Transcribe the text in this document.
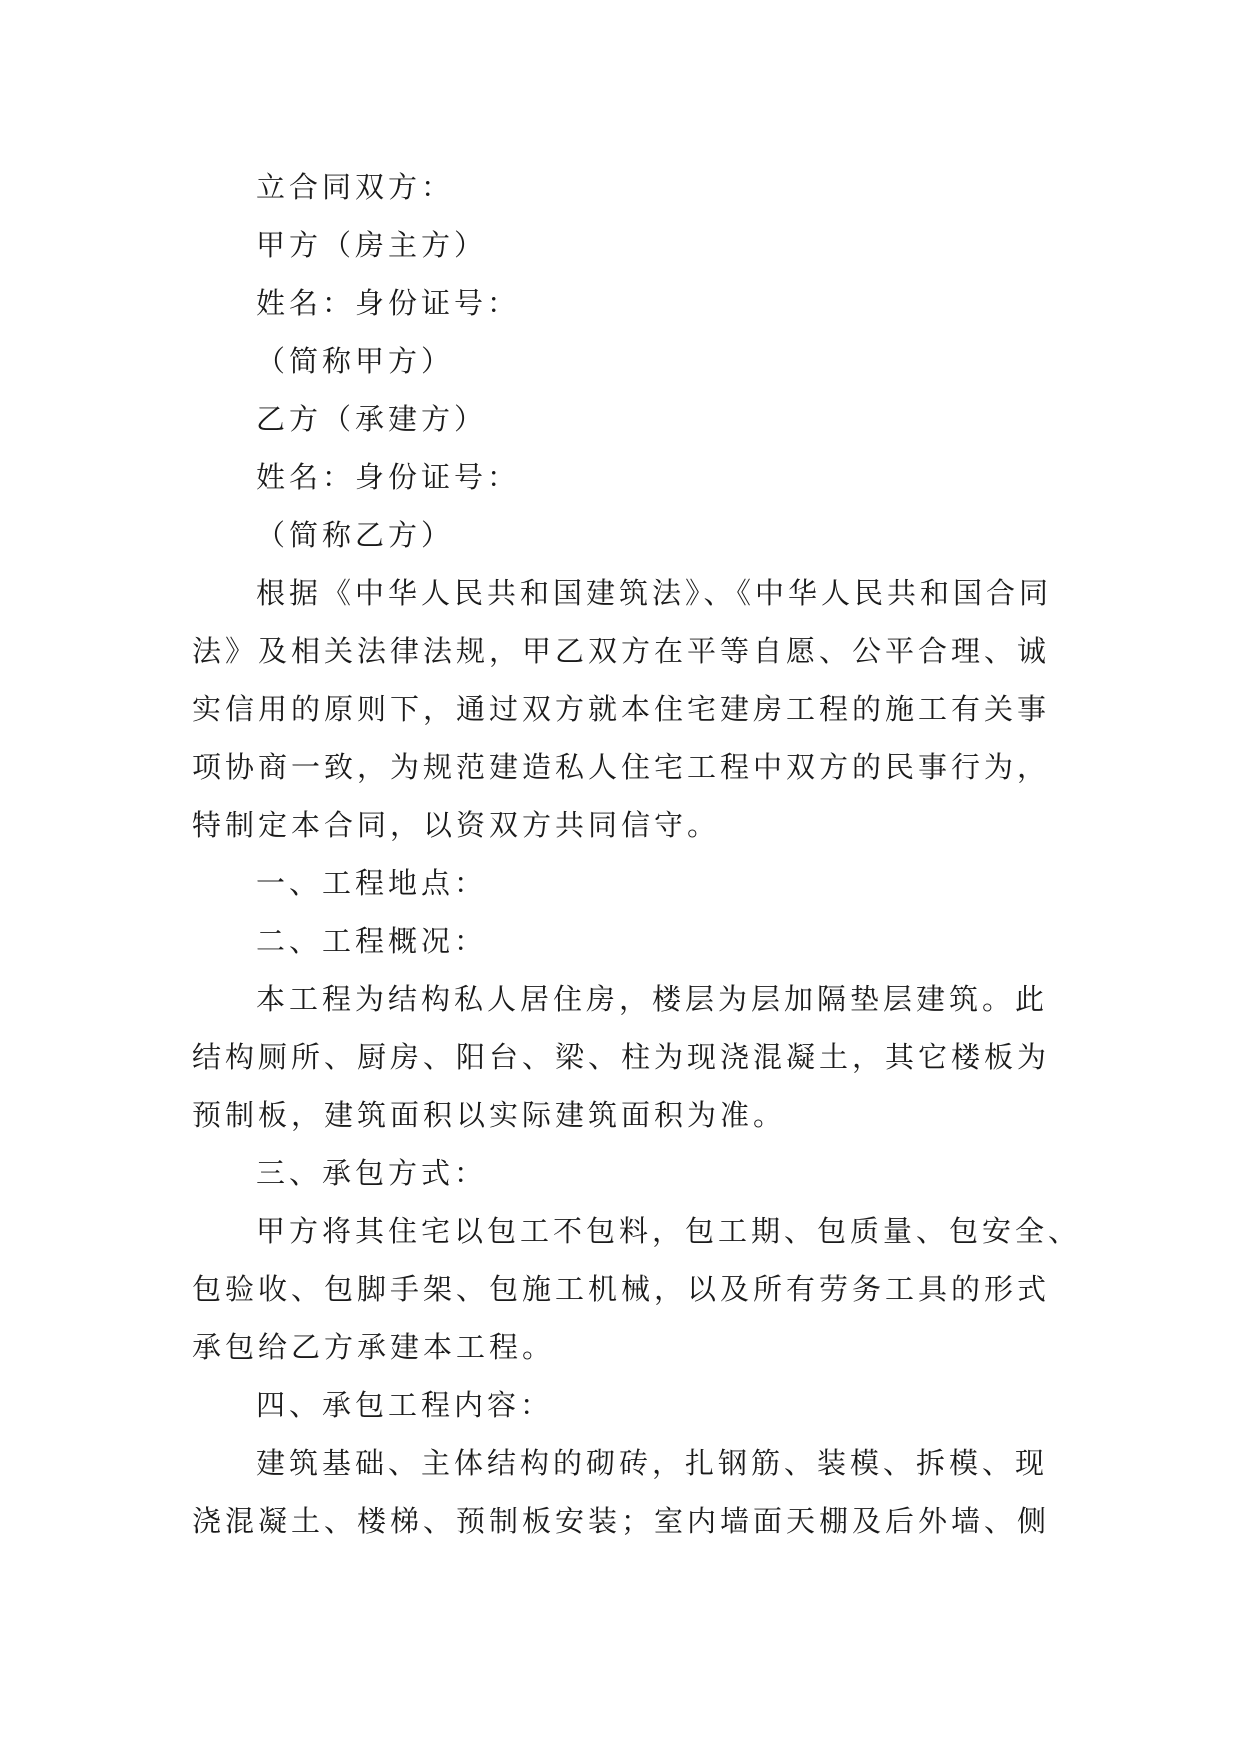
立合同双方：

甲方（房主方）

姓名：身份证号：

（简称甲方）

乙方（承建方）

姓名：身份证号：

（简称乙方）

根据《中华人民共和国建筑法》、《中华人民共和国合同
法》及相关法律法规，甲乙双方在平等自愿、公平合理、诚
实信用的原则下，通过双方就本住宅建房工程的施工有关事
项协商一致，为规范建造私人住宅工程中双方的民事行为，
特制定本合同，以资双方共同信守。

一、工程地点：

二、工程概况：

本工程为结构私人居住房，楼层为层加隔垫层建筑。此
结构厕所、厨房、阳台、梁、柱为现浇混凝土，其它楼板为
预制板，建筑面积以实际建筑面积为准。

三、承包方式：

甲方将其住宅以包工不包料，包工期、包质量、包安全、
包验收、包脚手架、包施工机械，以及所有劳务工具的形式
承包给乙方承建本工程。

四、承包工程内容：

建筑基础、主体结构的砌砖，扎钢筋、装模、拆模、现
浇混凝土、楼梯、预制板安装；室内墙面天棚及后外墙、侧
